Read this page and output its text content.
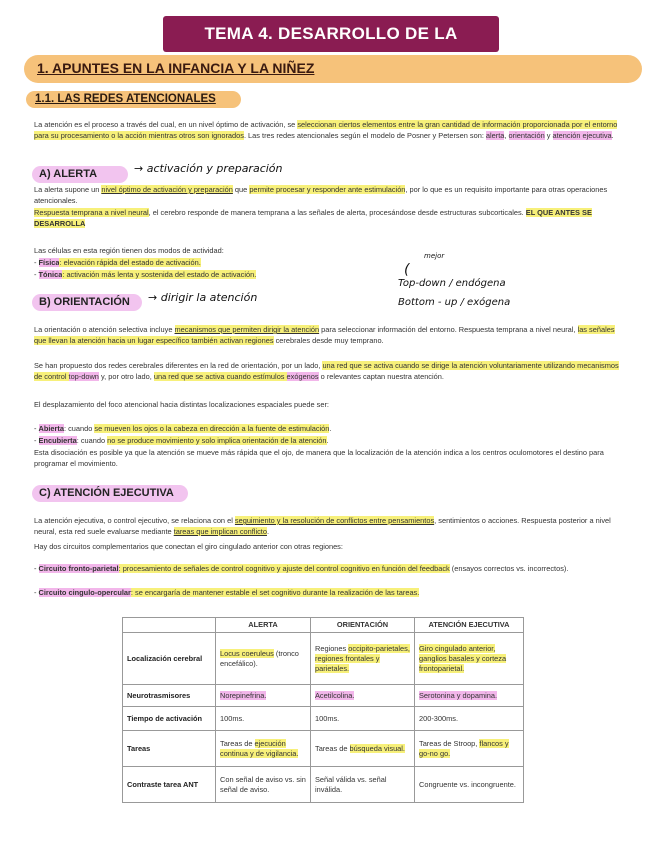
TEMA 4. DESARROLLO DE LA
1. APUNTES EN LA INFANCIA Y LA NIÑEZ
1.1. LAS REDES ATENCIONALES
La atención es el proceso a través del cual, en un nivel óptimo de activación, se seleccionan ciertos elementos entre la gran cantidad de información proporcionada por el entorno para su procesamiento o la acción mientras otros son ignorados. Las tres redes atencionales según el modelo de Posner y Petersen son: alerta, orientación y atención ejecutiva.
A) ALERTA	→ activación y preparación
La alerta supone un nivel óptimo de activación y preparación que permite procesar y responder ante estimulación, por lo que es un requisito importante para otras operaciones atencionales.
Respuesta temprana a nivel neural, el cerebro responde de manera temprana a las señales de alerta, procesándose desde estructuras subcorticales. EL QUE ANTES SE DESARROLLA
Las células en esta región tienen dos modos de actividad:
- Física: elevación rápida del estado de activación.
- Tónica: activación más lenta y sostenida del estado de activación.
mejor
(
Top-down / endógena
Bottom - up / exógena
B) ORIENTACIÓN → dirigir la atención
La orientación o atención selectiva incluye mecanismos que permiten dirigir la atención para seleccionar información del entorno. Respuesta temprana a nivel neural, las señales que llevan la atención hacia un lugar específico también activan regiones cerebrales desde muy temprano.
Se han propuesto dos redes cerebrales diferentes en la red de orientación, por un lado, una red que se activa cuando se dirige la atención voluntariamente utilizando mecanismos de control top-down y, por otro lado, una red que se activa cuando estímulos exógenos o relevantes captan nuestra atención.
El desplazamiento del foco atencional hacia distintas localizaciones espaciales puede ser:
- Abierta: cuando se mueven los ojos o la cabeza en dirección a la fuente de estimulación.
- Encubierta: cuando no se produce movimiento y solo implica orientación de la atención.
Esta disociación es posible ya que la atención se mueve más rápida que el ojo, de manera que la localización de la atención indica a los centros oculomotores el destino para programar el movimiento.
C) ATENCIÓN EJECUTIVA
La atención ejecutiva, o control ejecutivo, se relaciona con el seguimiento y la resolución de conflictos entre pensamientos, sentimientos o acciones. Respuesta posterior a nivel neural, esta red suele evaluarse mediante tareas que implican conflicto.
Hay dos circuitos complementarios que conectan el giro cingulado anterior con otras regiones:
- Circuito fronto-parietal: procesamiento de señales de control cognitivo y ajuste del control cognitivo en función del feedback (ensayos correctos vs. incorrectos).
- Circuito cingulo-opercular: se encargaría de mantener estable el set cognitivo durante la realización de las tareas.
	ALERTA	ORIENTACIÓN	ATENCIÓN EJECUTIVA
Localización cerebral	Locus coeruleus (tronco encefálico).	Regiones occipito-parietales, regiones frontales y parietales.	Giro cingulado anterior, ganglios basales y corteza frontoparietal.
Neurotrasmisores	Norepinefrina.	Acetilcolina.	Serotonina y dopamina.
Tiempo de activación	100ms.	100ms.	200-300ms.
Tareas	Tareas de ejecución continua y de vigilancia.	Tareas de búsqueda visual.	Tareas de Stroop, flancos y go-no go.
Contraste tarea ANT	Con señal de aviso vs. sin señal de aviso.	Señal válida vs. señal inválida.	Congruente vs. incongruente.
